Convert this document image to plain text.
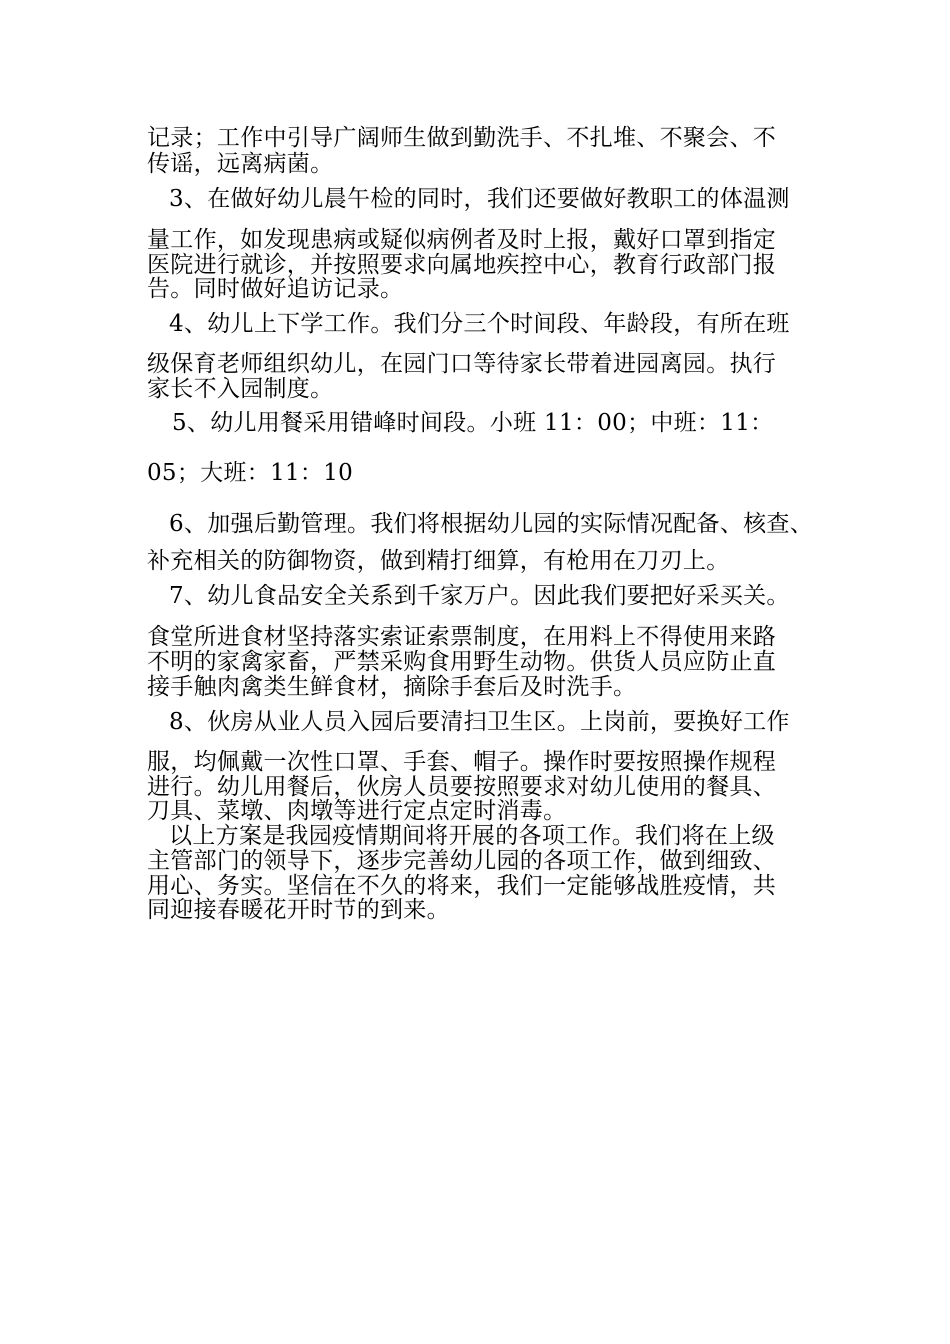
记录；工作中引导广阔师生做到勤洗手、不扎堆、不聚会、不
传谣，远离病菌。
3、在做好幼儿晨午检的同时，我们还要做好教职工的体温测
量工作，如发现患病或疑似病例者及时上报，戴好口罩到指定
医院进行就诊，并按照要求向属地疾控中心，教育行政部门报
告。同时做好追访记录。
4、幼儿上下学工作。我们分三个时间段、年龄段，有所在班
级保育老师组织幼儿，在园门口等待家长带着进园离园。执行
家长不入园制度。
5、幼儿用餐采用错峰时间段。小班 11：00；中班：11：
05；大班：11：10
6、加强后勤管理。我们将根据幼儿园的实际情况配备、核查、
补充相关的防御物资，做到精打细算，有枪用在刀刃上。
7、幼儿食品安全关系到千家万户。因此我们要把好采买关。
食堂所进食材坚持落实索证索票制度，在用料上不得使用来路
不明的家禽家畜，严禁采购食用野生动物。供货人员应防止直
接手触肉禽类生鲜食材，摘除手套后及时洗手。
8、伙房从业人员入园后要清扫卫生区。上岗前，要换好工作
服，均佩戴一次性口罩、手套、帽子。操作时要按照操作规程
进行。幼儿用餐后，伙房人员要按照要求对幼儿使用的餐具、
刀具、菜墩、肉墩等进行定点定时消毒。
以上方案是我园疫情期间将开展的各项工作。我们将在上级
主管部门的领导下，逐步完善幼儿园的各项工作，做到细致、
用心、务实。坚信在不久的将来，我们一定能够战胜疫情，共
同迎接春暖花开时节的到来。
